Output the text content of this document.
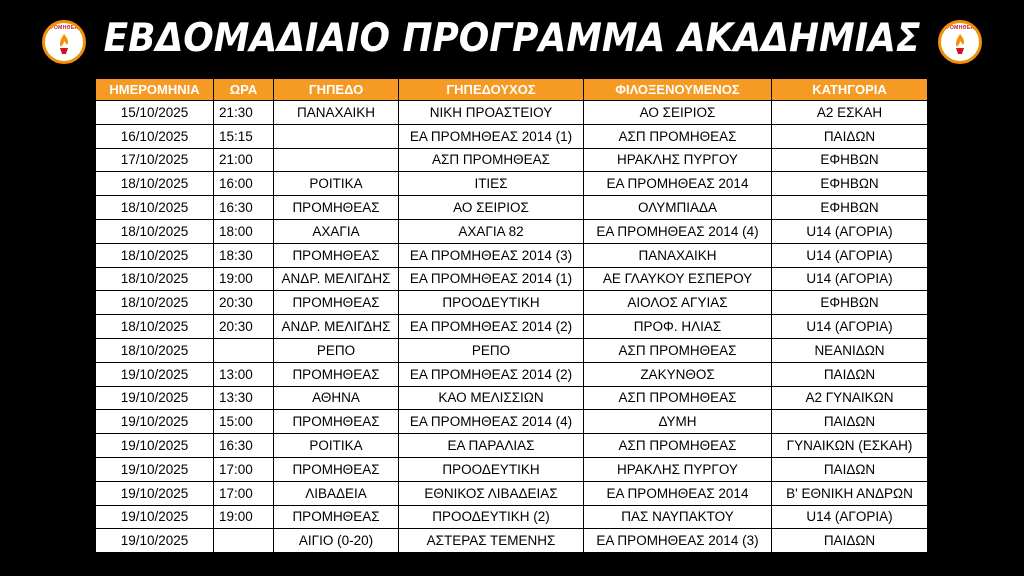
ΠΡΟΜΗΘΕΑΣ ΕΒΔΟΜΑΔΙΑΙΟ ΠΡΟΓΡΑΜΜΑ ΑΚΑΔΗΜΙΑΣ	ΠΡΟΜΗΘΕΑΣ
ΗΜΕΡΟΜΗΝΙΑ	ΩΡΑ	ΓΗΠΕΔΟ	ΓΗΠΕΔΟΥΧΟΣ	ΦΙΛΟΞΕΝΟΥΜΕΝΟΣ	ΚΑΤΗΓΟΡΙΑ
15/10/2025	21:30	ΠΑΝΑΧΑΙΚΗ	ΝΙΚΗ ΠΡΟΑΣΤΕΙΟΥ	ΑΟ ΣΕΙΡΙΟΣ	Α2 ΕΣΚΑΗ
16/10/2025	15:15		ΕΑ ΠΡΟΜΗΘΕΑΣ 2014 (1)	ΑΣΠ ΠΡΟΜΗΘΕΑΣ	ΠΑΙΔΩΝ
17/10/2025	21:00		ΑΣΠ ΠΡΟΜΗΘΕΑΣ	ΗΡΑΚΛΗΣ ΠΥΡΓΟΥ	ΕΦΗΒΩΝ
18/10/2025	16:00	ΡΟΙΤΙΚΑ	ΙΤΙΕΣ	ΕΑ ΠΡΟΜΗΘΕΑΣ 2014	ΕΦΗΒΩΝ
18/10/2025	16:30	ΠΡΟΜΗΘΕΑΣ	ΑΟ ΣΕΙΡΙΟΣ	ΟΛΥΜΠΙΑΔΑ	ΕΦΗΒΩΝ
18/10/2025	18:00	ΑΧΑΓΙΑ	ΑΧΑΓΙΑ 82	ΕΑ ΠΡΟΜΗΘΕΑΣ 2014 (4)	U14 (ΑΓΟΡΙΑ)
18/10/2025	18:30	ΠΡΟΜΗΘΕΑΣ	ΕΑ ΠΡΟΜΗΘΕΑΣ 2014 (3)	ΠΑΝΑΧΑΙΚΗ	U14 (ΑΓΟΡΙΑ)
18/10/2025	19:00	ΑΝΔΡ. ΜΕΛΙΓΔΗΣ	ΕΑ ΠΡΟΜΗΘΕΑΣ 2014 (1)	ΑΕ ΓΛΑΥΚΟΥ ΕΣΠΕΡΟΥ	U14 (ΑΓΟΡΙΑ)
18/10/2025	20:30	ΠΡΟΜΗΘΕΑΣ	ΠΡΟΟΔΕΥΤΙΚΗ	ΑΙΟΛΟΣ ΑΓΥΙΑΣ	ΕΦΗΒΩΝ
18/10/2025	20:30	ΑΝΔΡ. ΜΕΛΙΓΔΗΣ	ΕΑ ΠΡΟΜΗΘΕΑΣ 2014 (2)	ΠΡΟΦ. ΗΛΙΑΣ	U14 (ΑΓΟΡΙΑ)
18/10/2025		ΡΕΠΟ	ΡΕΠΟ	ΑΣΠ ΠΡΟΜΗΘΕΑΣ	ΝΕΑΝΙΔΩΝ
19/10/2025	13:00	ΠΡΟΜΗΘΕΑΣ	ΕΑ ΠΡΟΜΗΘΕΑΣ 2014 (2)	ΖΑΚΥΝΘΟΣ	ΠΑΙΔΩΝ
19/10/2025	13:30	ΑΘΗΝΑ	ΚΑΟ ΜΕΛΙΣΣΙΩΝ	ΑΣΠ ΠΡΟΜΗΘΕΑΣ	Α2 ΓΥΝΑΙΚΩΝ
19/10/2025	15:00	ΠΡΟΜΗΘΕΑΣ	ΕΑ ΠΡΟΜΗΘΕΑΣ 2014 (4)	ΔΥΜΗ	ΠΑΙΔΩΝ
19/10/2025	16:30	ΡΟΙΤΙΚΑ	ΕΑ ΠΑΡΑΛΙΑΣ	ΑΣΠ ΠΡΟΜΗΘΕΑΣ	ΓΥΝΑΙΚΩΝ (ΕΣΚΑΗ)
19/10/2025	17:00	ΠΡΟΜΗΘΕΑΣ	ΠΡΟΟΔΕΥΤΙΚΗ	ΗΡΑΚΛΗΣ ΠΥΡΓΟΥ	ΠΑΙΔΩΝ
19/10/2025	17:00	ΛΙΒΑΔΕΙΑ	ΕΘΝΙΚΟΣ ΛΙΒΑΔΕΙΑΣ	ΕΑ ΠΡΟΜΗΘΕΑΣ 2014	Β' ΕΘΝΙΚΗ ΑΝΔΡΩΝ
19/10/2025	19:00	ΠΡΟΜΗΘΕΑΣ	ΠΡΟΟΔΕΥΤΙΚΗ (2)	ΠΑΣ ΝΑΥΠΑΚΤΟΥ	U14 (ΑΓΟΡΙΑ)
19/10/2025		ΑΙΓΙΟ (0-20)	ΑΣΤΕΡΑΣ ΤΕΜΕΝΗΣ	ΕΑ ΠΡΟΜΗΘΕΑΣ 2014 (3)	ΠΑΙΔΩΝ
